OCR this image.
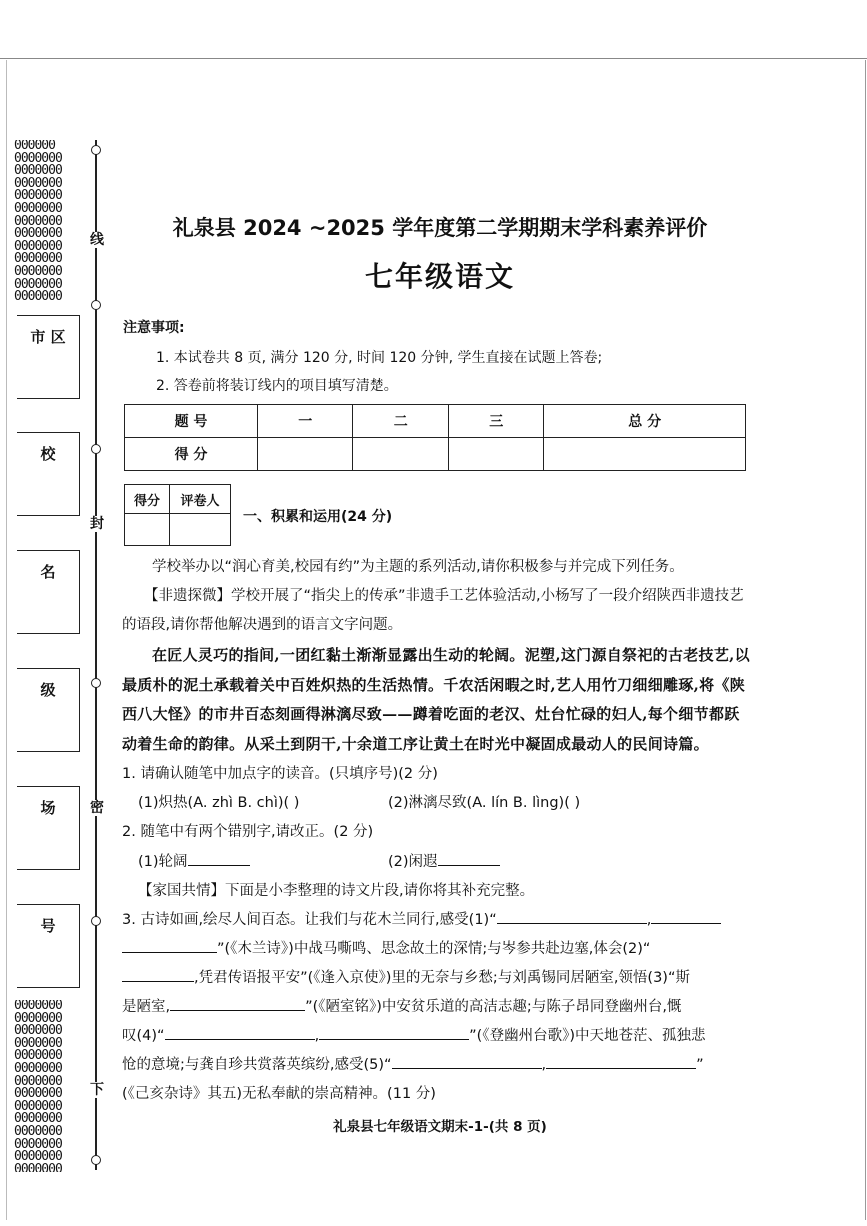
000000
0000000
0000000
0000000
0000000
0000000
0000000
0000000
0000000
0000000
0000000
0000000
0000000
0000000
0000000
0000000
0000000
0000000
0000000
0000000
0000000
0000000
0000000
0000000
0000000
0000000
0000000
线
封
密
下
市 区
校
名
级
场
号
礼泉县 2024 ~2025 学年度第二学期期末学科素养评价
七年级语文
注意事项:
1. 本试卷共 8 页, 满分 120 分, 时间 120 分钟, 学生直接在试题上答卷;
2. 答卷前将装订线内的项目填写清楚。
题 号	一	二	三	总 分
得 分				
得分	评卷人

一、积累和运用(24 分)
学校举办以“润心育美,校园有约”为主题的系列活动,请你积极参与并完成下列任务。
【非遗探微】学校开展了“指尖上的传承”非遗手工艺体验活动,小杨写了一段介绍陕西非遗技艺的语段,请你帮他解决遇到的语言文字问题。
在匠人灵巧的指间,一团红黏土渐渐显露出生动的轮阔。泥塑,这门源自祭祀的古老技艺,以最质朴的泥土承载着关中百姓炽热的生活热情。千农活闲暇之时,艺人用竹刀细细雕琢,将《陕西八大怪》的市井百态刻画得淋漓尽致——蹲着吃面的老汉、灶台忙碌的妇人,每个细节都跃动着生命的韵律。从采土到阴干,十余道工序让黄土在时光中凝固成最动人的民间诗篇。
1. 请确认随笔中加点字的读音。(只填序号)(2 分)
(1)炽热(A. zhì B. chì)( )	(2)淋漓尽致(A. lín B. lìng)( )
2. 随笔中有两个错别字,请改正。(2 分)
(1)轮阔	(2)闲遐
【家国共情】下面是小李整理的诗文片段,请你将其补充完整。
3. 古诗如画,绘尽人间百态。让我们与花木兰同行,感受(1)“	,
”(《木兰诗》)中战马嘶鸣、思念故土的深情;与岑参共赴边塞,体会(2)“
,凭君传语报平安”(《逢入京使》)里的无奈与乡愁;与刘禹锡同居陋室,领悟(3)“斯
是陋室,	”(《陋室铭》)中安贫乐道的高洁志趣;与陈子昂同登幽州台,慨
叹(4)“	,	”(《登幽州台歌》)中天地苍茫、孤独悲
怆的意境;与龚自珍共赏落英缤纷,感受(5)“	,	”
(《己亥杂诗》其五)无私奉献的崇高精神。(11 分)
礼泉县七年级语文期末-1-(共 8 页)
